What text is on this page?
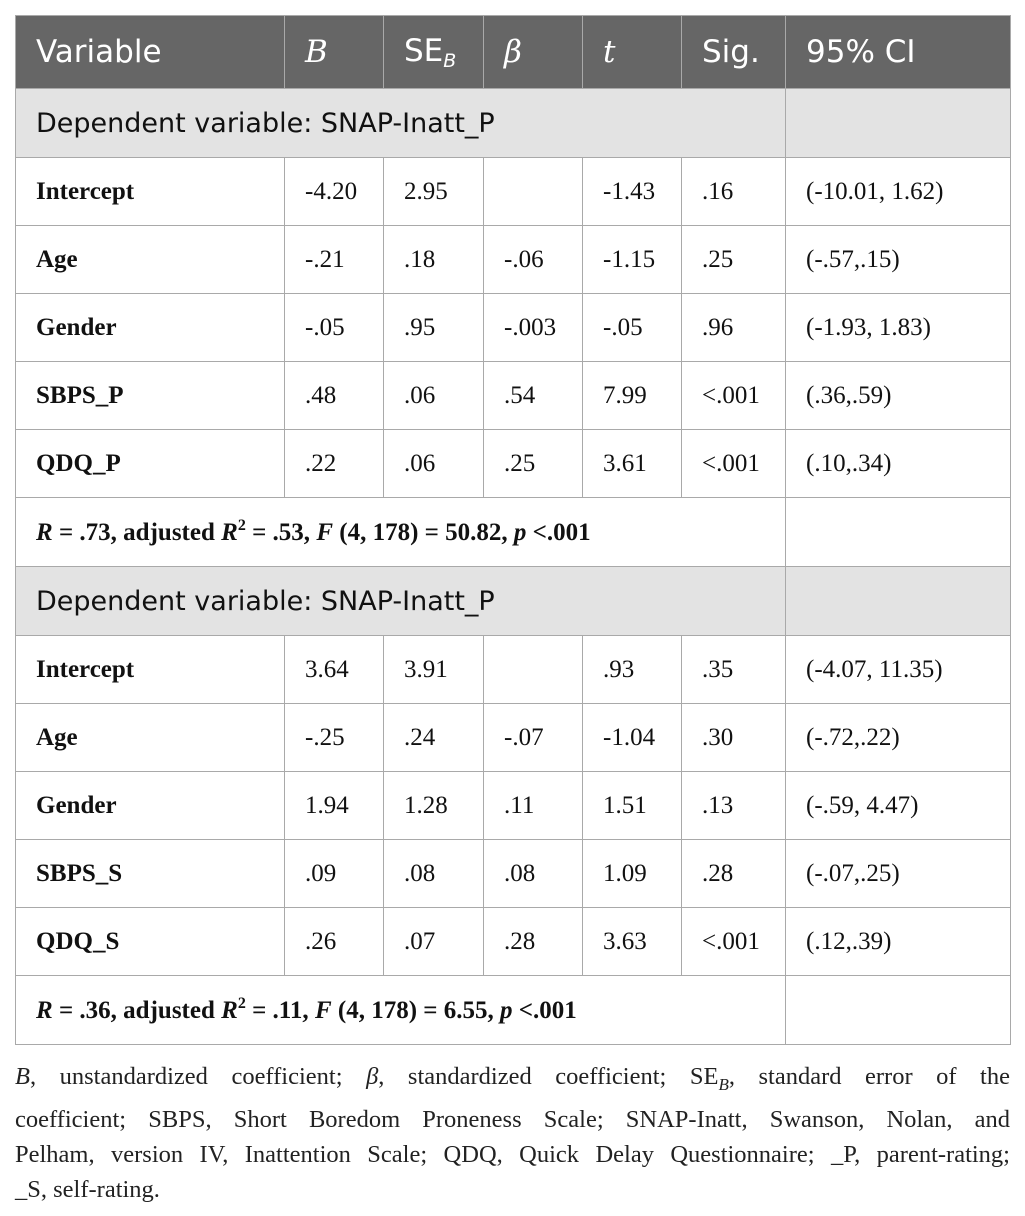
Variable	B	$SE_B$	β	t	Sig.	95% CI
Dependent variable: SNAP-Inatt_P						
Intercept	-4.20	2.95		-1.43	.16	(-10.01, 1.62)
Age	-.21	.18	-.06	-1.15	.25	(-.57,.15)
Gender	-.05	.95	-.003	-.05	.96	(-1.93, 1.83)
SBPS_P	.48	.06	.54	7.99	<.001	(.36,.59)
QDQ_P	.22	.06	.25	3.61	<.001	(.10,.34)
R = .73, adjusted $R^2 = .53$, F (4, 178) = 50.82, p <.001						
Dependent variable: SNAP-Inatt_P						
Intercept	3.64	3.91		.93	.35	(-4.07, 11.35)
Age	-.25	.24	-.07	-1.04	.30	(-.72,.22)
Gender	1.94	1.28	.11	1.51	.13	(-.59, 4.47)
SBPS_S	.09	.08	.08	1.09	.28	(-.07,.25)
QDQ_S	.26	.07	.28	3.63	<.001	(.12,.39)
R = .36, adjusted $R^2 = .11$, F (4, 178) = 6.55, p <.001						
B, unstandardized coefficient; β, standardized coefficient; $SE_B$, standard error of the
coefficient; SBPS, Short Boredom Proneness Scale; SNAP-Inatt, Swanson, Nolan, and
Pelham, version IV, Inattention Scale; QDQ, Quick Delay Questionnaire; _P, parent-rating;
_S, self-rating.
